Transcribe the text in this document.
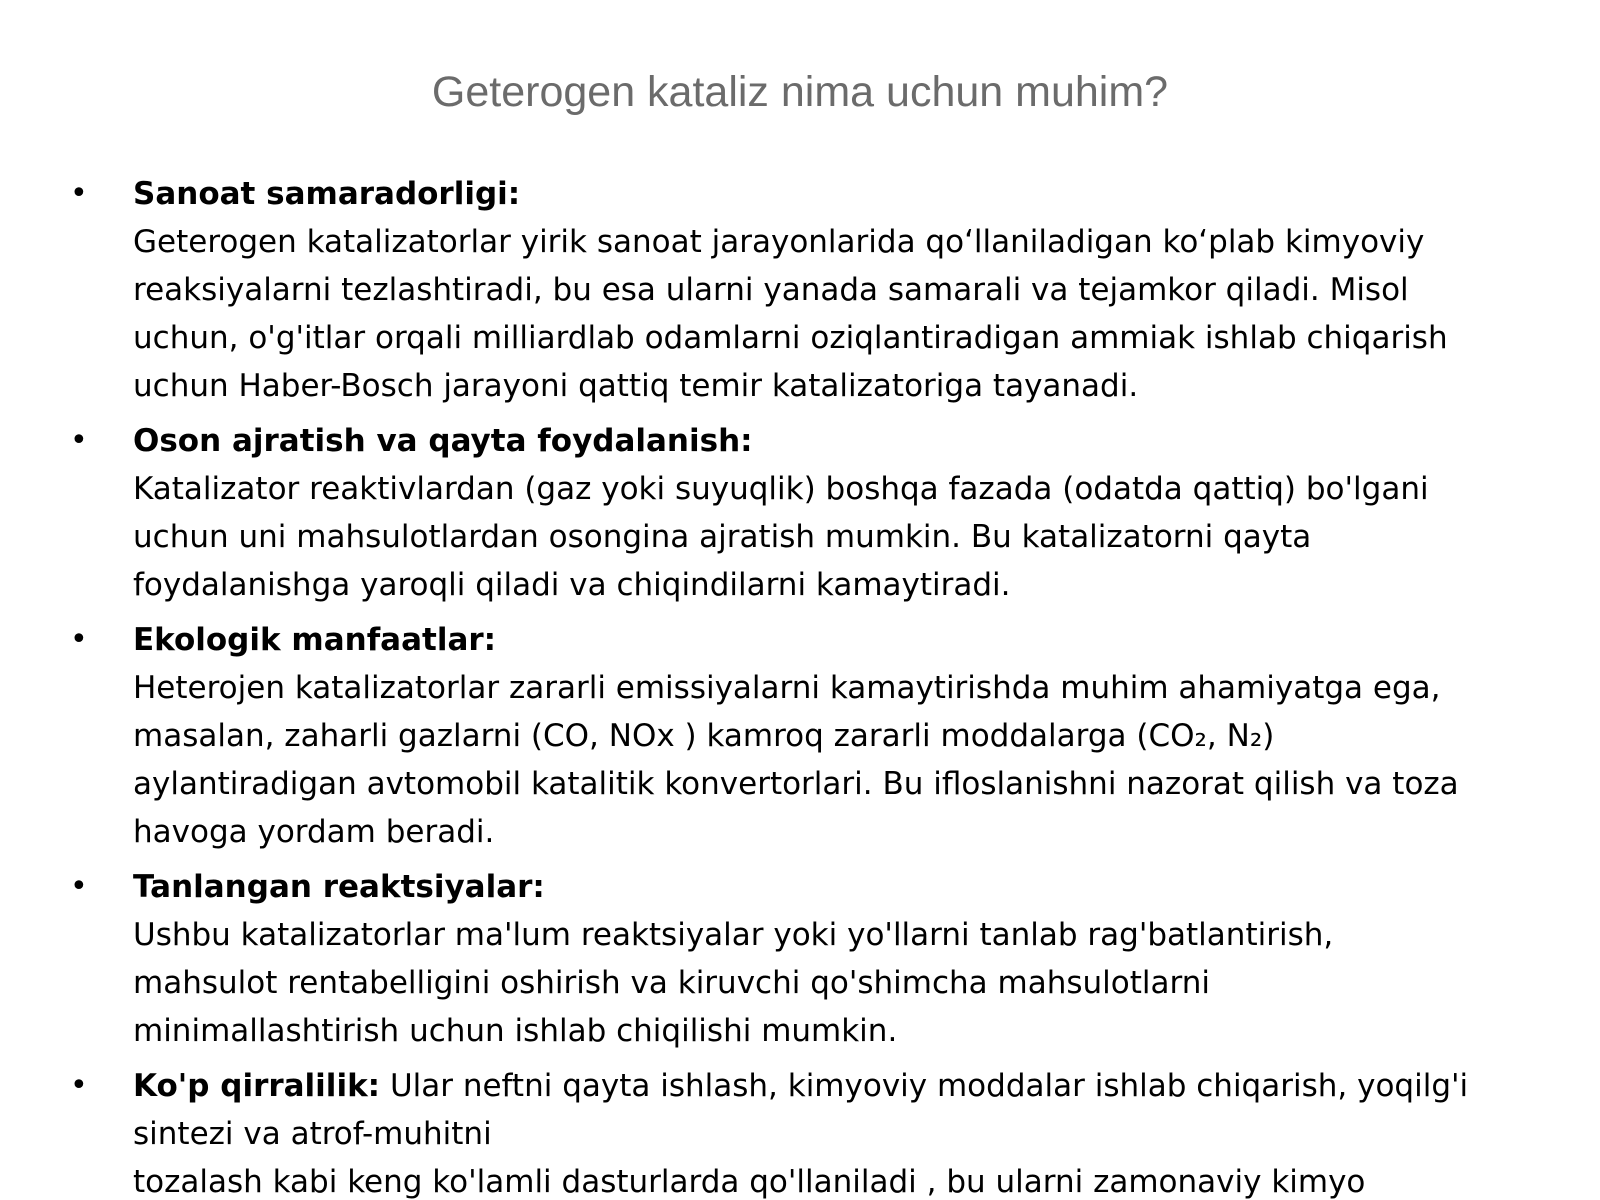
Geterogen kataliz nima uchun muhim?
• Sanoat samaradorligi:
Geterogen katalizatorlar yirik sanoat jarayonlarida qo‘llaniladigan ko‘plab kimyoviy reaksiyalarni tezlashtiradi, bu esa ularni yanada samarali va tejamkor qiladi. Misol uchun, o'g'itlar orqali milliardlab odamlarni oziqlantiradigan ammiak ishlab chiqarish uchun Haber-Bosch jarayoni qattiq temir katalizatoriga tayanadi.
• Oson ajratish va qayta foydalanish:
Katalizator reaktivlardan (gaz yoki suyuqlik) boshqa fazada (odatda qattiq) bo'lgani uchun uni mahsulotlardan osongina ajratish mumkin. Bu katalizatorni qayta foydalanishga yaroqli qiladi va chiqindilarni kamaytiradi.
• Ekologik manfaatlar:
Heterojen katalizatorlar zararli emissiyalarni kamaytirishda muhim ahamiyatga ega, masalan, zaharli gazlarni (CO, NOx ) kamroq zararli moddalarga (CO₂, N₂) aylantiradigan avtomobil katalitik konvertorlari. Bu ifloslanishni nazorat qilish va toza havoga yordam beradi.
• Tanlangan reaktsiyalar:
Ushbu katalizatorlar ma'lum reaktsiyalar yoki yo'llarni tanlab rag'batlantirish, mahsulot rentabelligini oshirish va kiruvchi qo'shimcha mahsulotlarni minimallashtirish uchun ishlab chiqilishi mumkin.
• Ko'p qirralilik: Ular neftni qayta ishlash, kimyoviy moddalar ishlab chiqarish, yoqilg'i sintezi va atrof-muhitni
tozalash kabi keng ko'lamli dasturlarda qo'llaniladi , bu ularni zamonaviy kimyo
